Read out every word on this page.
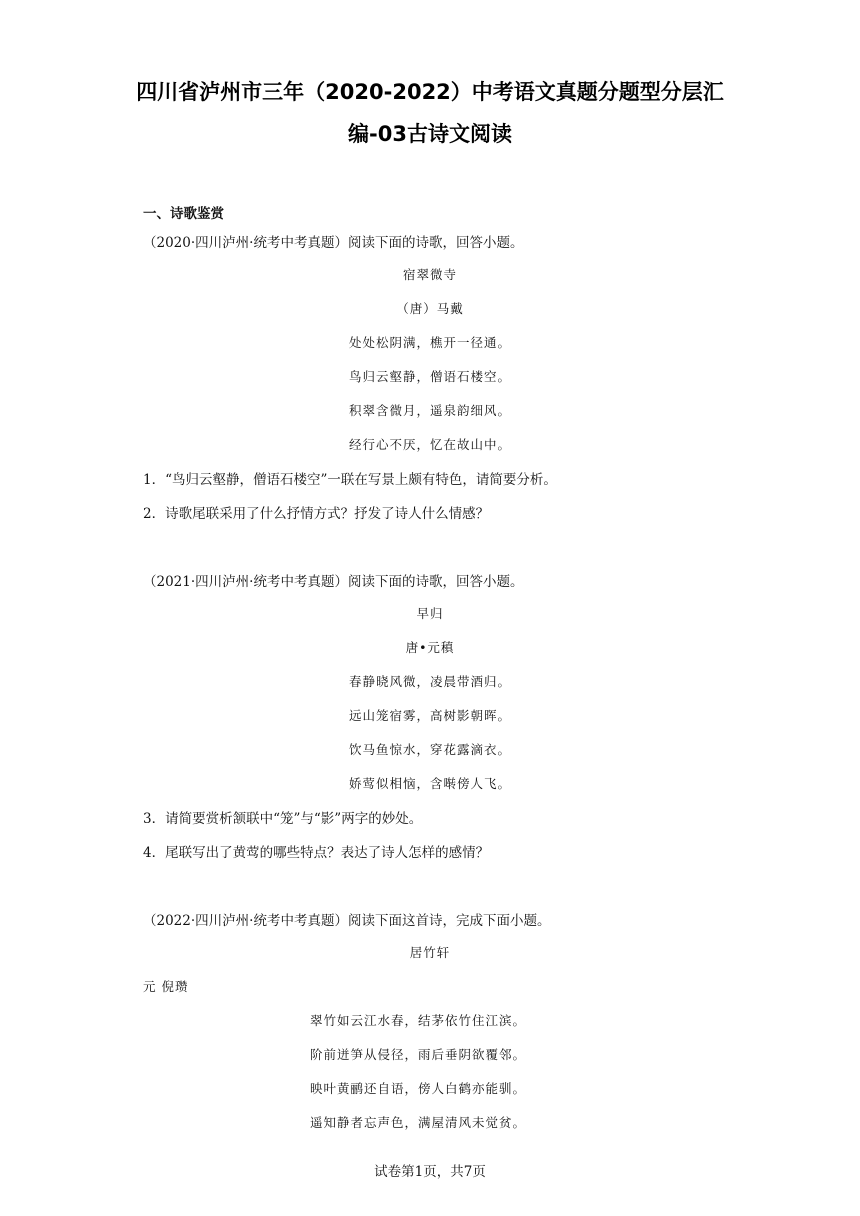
四川省泸州市三年（2020-2022）中考语文真题分题型分层汇
编-03古诗文阅读
一、诗歌鉴赏
（2020·四川泸州·统考中考真题）阅读下面的诗歌，回答小题。
宿翠微寺
（唐）马戴
处处松阴满，樵开一径通。
鸟归云壑静，僧语石楼空。
积翠含微月，遥泉韵细风。
经行心不厌，忆在故山中。
1．“鸟归云壑静，僧语石楼空”一联在写景上颇有特色，请简要分析。
2．诗歌尾联采用了什么抒情方式？抒发了诗人什么情感？
（2021·四川泸州·统考中考真题）阅读下面的诗歌，回答小题。
早归
唐•元稹
春静晓风微，凌晨带酒归。
远山笼宿雾，高树影朝晖。
饮马鱼惊水，穿花露滴衣。
娇莺似相恼，含啭傍人飞。
3．请简要赏析颔联中“笼”与“影”两字的妙处。
4．尾联写出了黄莺的哪些特点？表达了诗人怎样的感情？
（2022·四川泸州·统考中考真题）阅读下面这首诗，完成下面小题。
居竹轩
元 倪瓒
翠竹如云江水春，结茅依竹住江滨。
阶前迸笋从侵径，雨后垂阴欲覆邻。
映叶黄鹂还自语，傍人白鹤亦能驯。
遥知静者忘声色，满屋清风未觉贫。
试卷第1页，共7页
